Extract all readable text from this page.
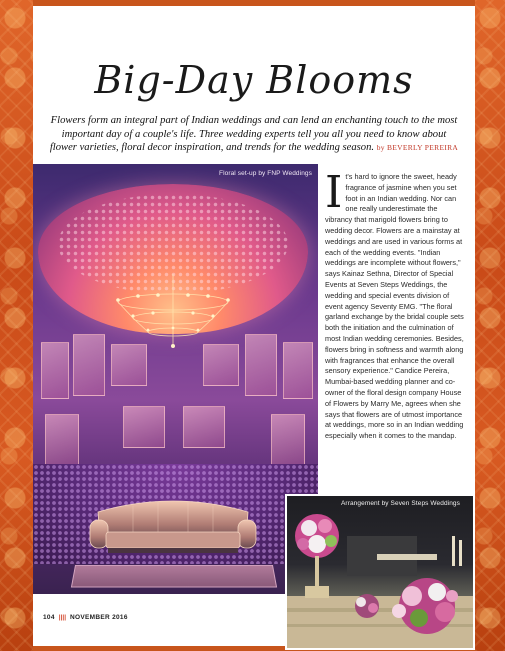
Big-Day Blooms
Flowers form an integral part of Indian weddings and can lend an enchanting touch to the most important day of a couple's life. Three wedding experts tell you all you need to know about flower varieties, floral decor inspiration, and trends for the wedding season. by BEVERLY PEREIRA
Floral set-up by FNP Weddings It's hard to ignore the sweet, heady fragrance of jasmine when you set foot in an Indian wedding. Nor can one really underestimate the vibrancy that marigold flowers bring to wedding decor. Flowers are a mainstay at weddings and are used in various forms at each of the wedding events. "Indian weddings are incomplete without flowers," says Kainaz Sethna, Director of Special Events at Seven Steps Weddings, the wedding and special events division of event agency Seventy EMG. "The floral garland exchange by the bridal couple sets both the initiation and the culmination of most Indian wedding ceremonies. Besides, flowers bring in softness and warmth along with fragrances that enhance the overall sensory experience." Candice Pereira, Mumbai-based wedding planner and co-owner of the floral design company House of Flowers by Marry Me, agrees when she says that flowers are of utmost importance at weddings, more so in an Indian wedding especially when it comes to the mandap.
Arrangement by Seven Steps Weddings
104 |||| NOVEMBER 2016
